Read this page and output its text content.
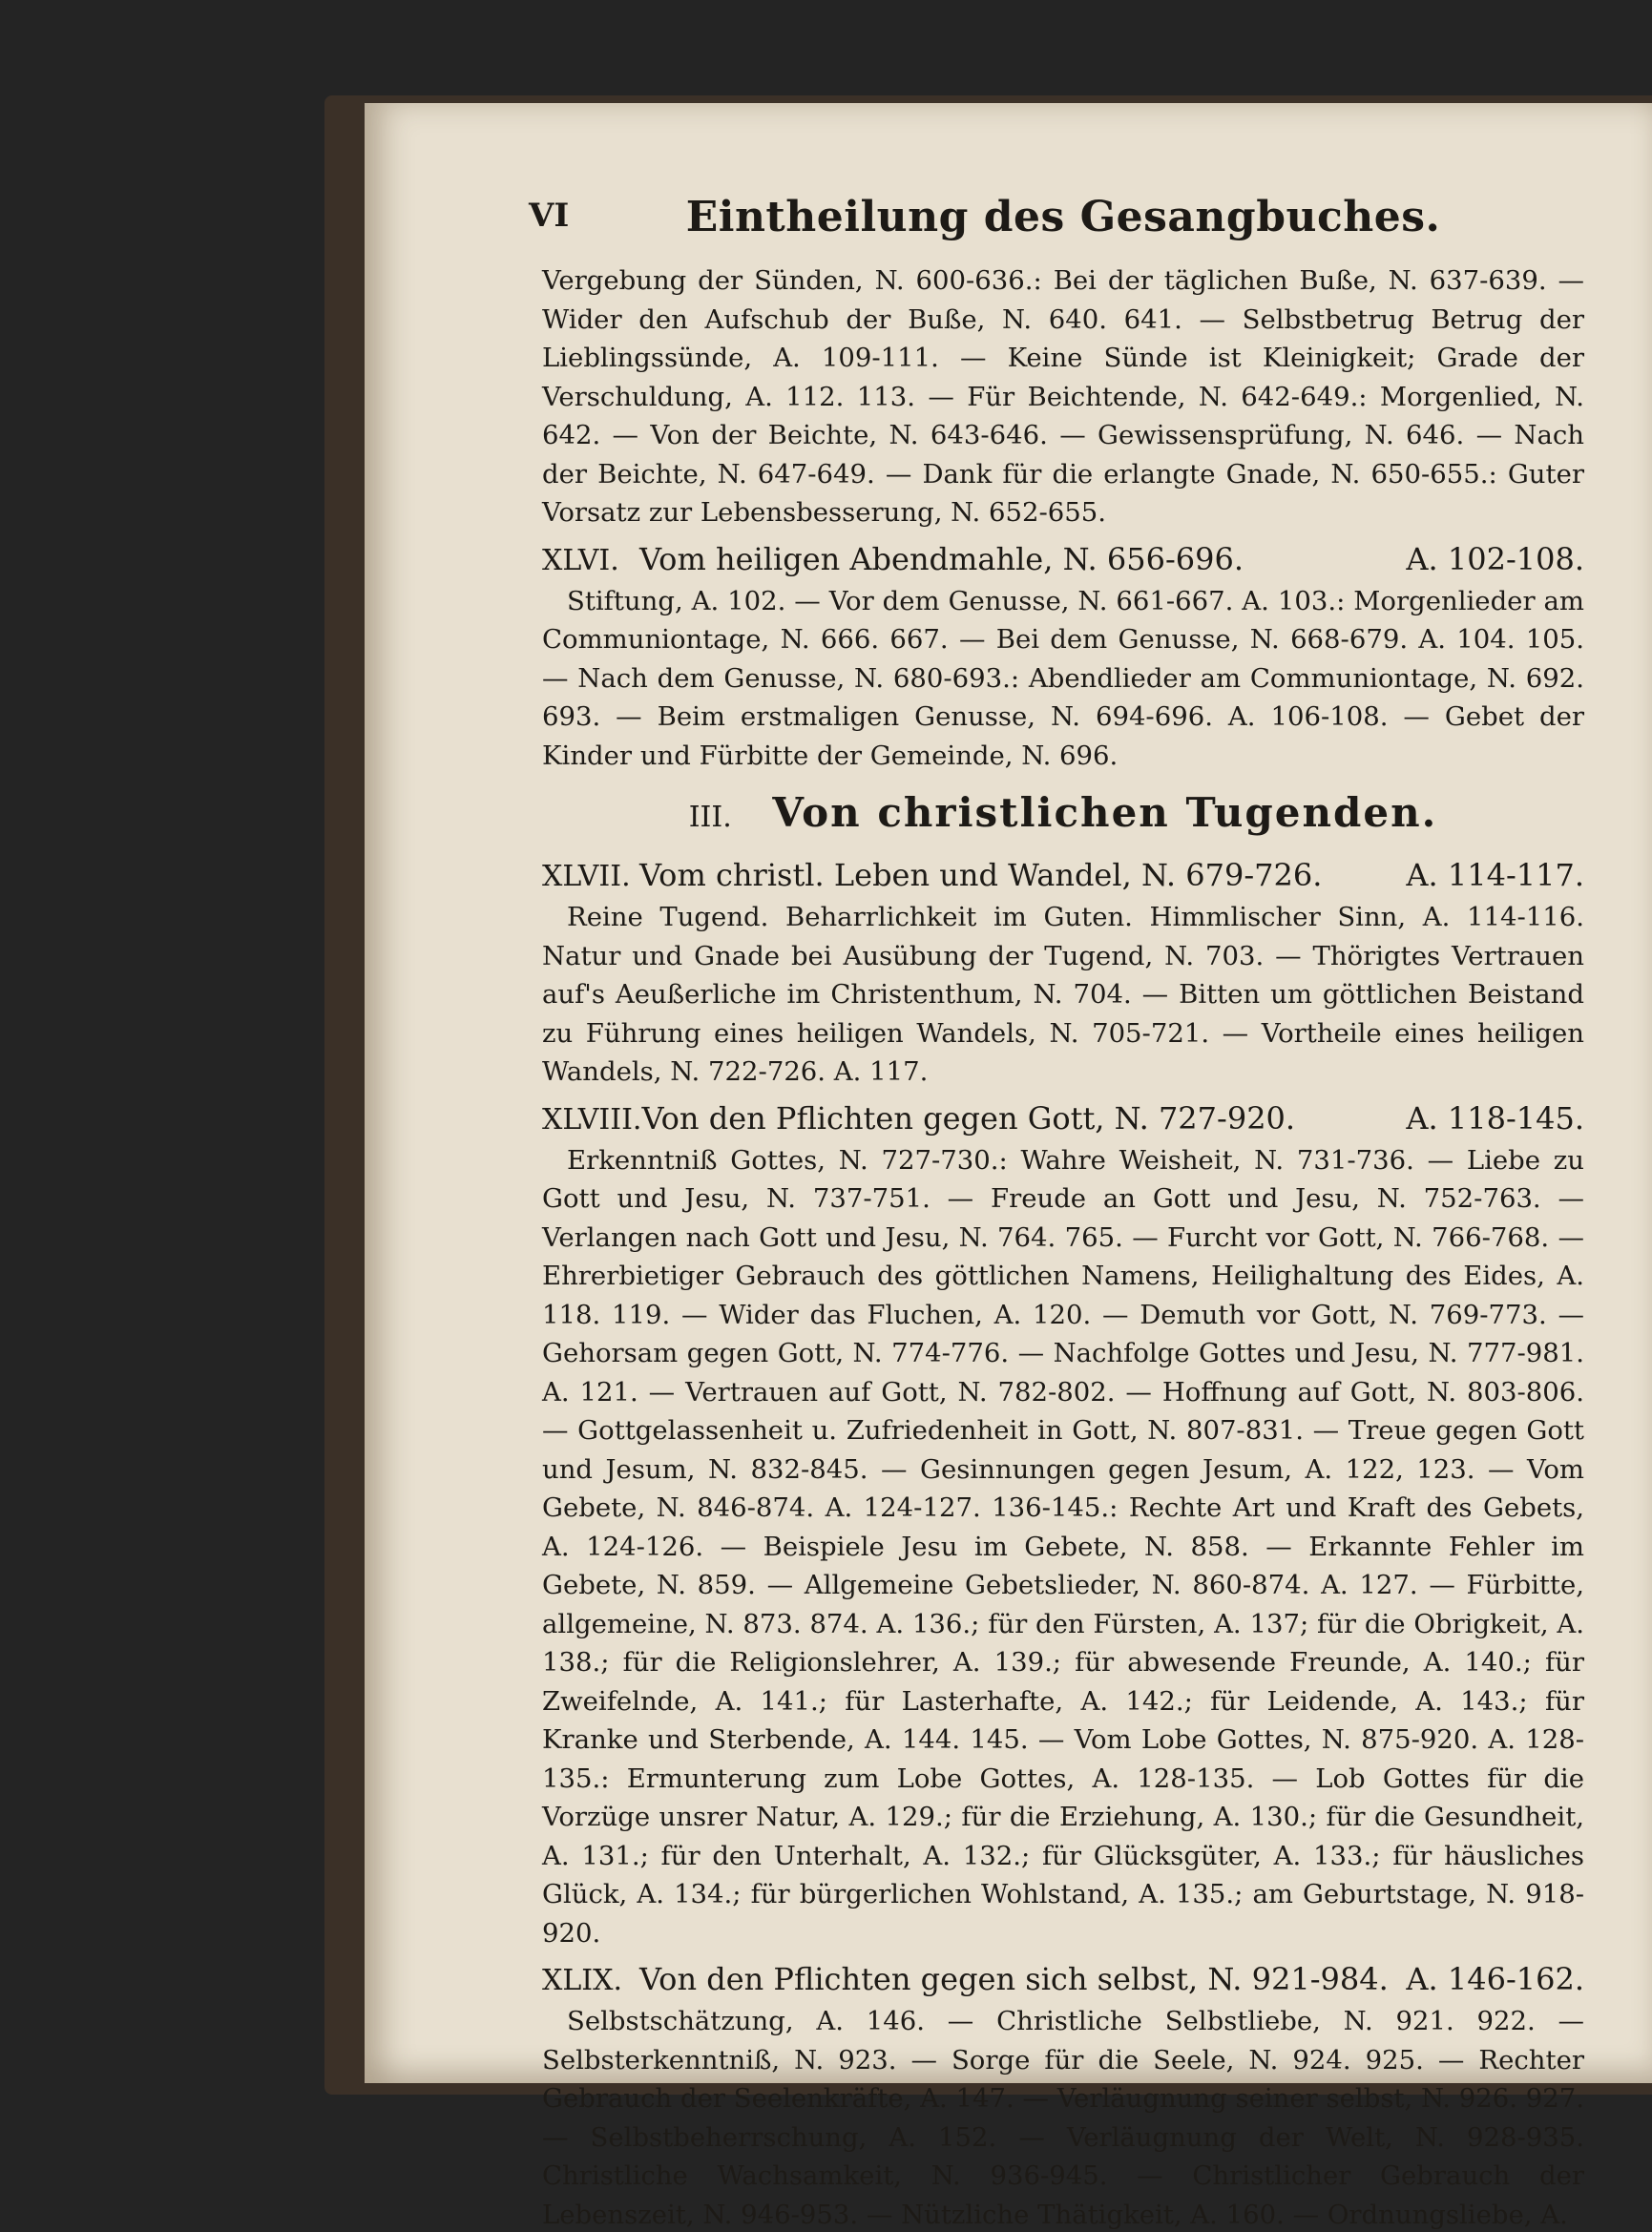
VI	Eintheilung des Gesangbuches.

Vergebung der Sünden, N. 600-636.: Bei der täglichen Buße, N. 637-639. — Wider den Aufschub der Buße, N. 640. 641. — Selbstbetrug Betrug der Lieblingssünde, A. 109-111. — Keine Sünde ist Kleinigkeit; Grade der Verschuldung, A. 112. 113. — Für Beichtende, N. 642-649.: Morgenlied, N. 642. — Von der Beichte, N. 643-646. — Gewissensprüfung, N. 646. — Nach der Beichte, N. 647-649. — Dank für die erlangte Gnade, N. 650-655.: Guter Vorsatz zur Lebensbesserung, N. 652-655.

XLVI. Vom heiligen Abendmahle, N. 656-696.	A. 102-108.

Stiftung, A. 102. — Vor dem Genusse, N. 661-667. A. 103.: Morgenlieder am Communiontage, N. 666. 667. — Bei dem Genusse, N. 668-679. A. 104. 105. — Nach dem Genusse, N. 680-693.: Abendlieder am Communiontage, N. 692. 693. — Beim erstmaligen Genusse, N. 694-696. A. 106-108. — Gebet der Kinder und Fürbitte der Gemeinde, N. 696.

III. Von christlichen Tugenden.
XLVII. Vom christl. Leben und Wandel, N. 679-726.	A. 114-117.

Reine Tugend. Beharrlichkeit im Guten. Himmlischer Sinn, A. 114-116. Natur und Gnade bei Ausübung der Tugend, N. 703. — Thörigtes Vertrauen auf's Aeußerliche im Christenthum, N. 704. — Bitten um göttlichen Beistand zu Führung eines heiligen Wandels, N. 705-721. — Vortheile eines heiligen Wandels, N. 722-726. A. 117.

XLVIII. Von den Pflichten gegen Gott, N. 727-920.	A. 118-145.

Erkenntniß Gottes, N. 727-730.: Wahre Weisheit, N. 731-736. — Liebe zu Gott und Jesu, N. 737-751. — Freude an Gott und Jesu, N. 752-763. — Verlangen nach Gott und Jesu, N. 764. 765. — Furcht vor Gott, N. 766-768. — Ehrerbietiger Gebrauch des göttlichen Namens, Heilighaltung des Eides, A. 118. 119. — Wider das Fluchen, A. 120. — Demuth vor Gott, N. 769-773. — Gehorsam gegen Gott, N. 774-776. — Nachfolge Gottes und Jesu, N. 777-981. A. 121. — Vertrauen auf Gott, N. 782-802. — Hoffnung auf Gott, N. 803-806. — Gottgelassenheit u. Zufriedenheit in Gott, N. 807-831. — Treue gegen Gott und Jesum, N. 832-845. — Gesinnungen gegen Jesum, A. 122, 123. — Vom Gebete, N. 846-874. A. 124-127. 136-145.: Rechte Art und Kraft des Gebets, A. 124-126. — Beispiele Jesu im Gebete, N. 858. — Erkannte Fehler im Gebete, N. 859. — Allgemeine Gebetslieder, N. 860-874. A. 127. — Fürbitte, allgemeine, N. 873. 874. A. 136.; für den Fürsten, A. 137; für die Obrigkeit, A. 138.; für die Religionslehrer, A. 139.; für abwesende Freunde, A. 140.; für Zweifelnde, A. 141.; für Lasterhafte, A. 142.; für Leidende, A. 143.; für Kranke und Sterbende, A. 144. 145. — Vom Lobe Gottes, N. 875-920. A. 128-135.: Ermunterung zum Lobe Gottes, A. 128-135. — Lob Gottes für die Vorzüge unsrer Natur, A. 129.; für die Erziehung, A. 130.; für die Gesundheit, A. 131.; für den Unterhalt, A. 132.; für Glücksgüter, A. 133.; für häusliches Glück, A. 134.; für bürgerlichen Wohlstand, A. 135.; am Geburtstage, N. 918-920.

XLIX. Von den Pflichten gegen sich selbst, N. 921-984. A. 146-162.

Selbstschätzung, A. 146. — Christliche Selbstliebe, N. 921. 922. — Selbsterkenntniß, N. 923. — Sorge für die Seele, N. 924. 925. — Rechter Gebrauch der Seelenkräfte, A. 147. — Verläugnung seiner selbst, N. 926. 927. — Selbstbeherrschung, A. 152. — Verläugnung der Welt, N. 928-935. Christliche Wachsamkeit, N. 936-945. — Christlicher Gebrauch der Lebenszeit, N. 946-953. — Nützliche Thätigkeit, A. 160. — Ordnungsliebe, A.
